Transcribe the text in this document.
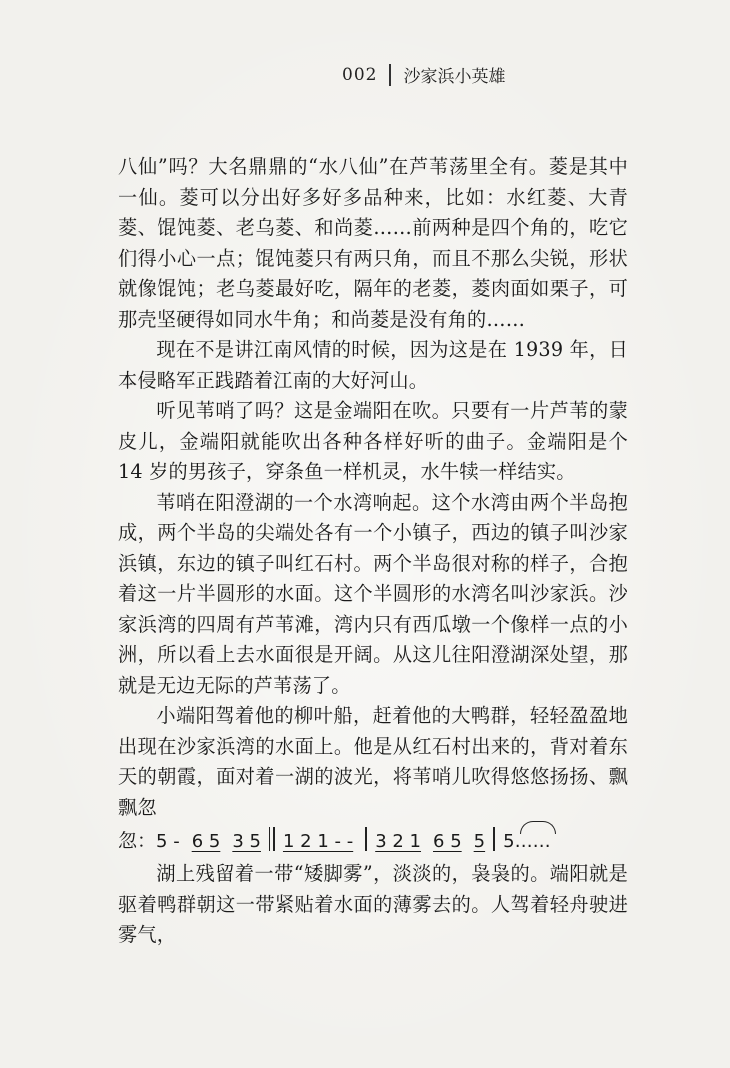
002 沙家浜小英雄

八仙”吗？大名鼎鼎的“水八仙”在芦苇荡里全有。菱是其中一仙。菱可以分出好多好多品种来，比如：水红菱、大青菱、馄饨菱、老乌菱、和尚菱……前两种是四个角的，吃它们得小心一点；馄饨菱只有两只角，而且不那么尖锐，形状就像馄饨；老乌菱最好吃，隔年的老菱，菱肉面如栗子，可那壳坚硬得如同水牛角；和尚菱是没有角的……

现在不是讲江南风情的时候，因为这是在 1939 年，日本侵略军正践踏着江南的大好河山。

听见苇哨了吗？这是金端阳在吹。只要有一片芦苇的蒙皮儿，金端阳就能吹出各种各样好听的曲子。金端阳是个 14 岁的男孩子，穿条鱼一样机灵，水牛犊一样结实。

苇哨在阳澄湖的一个水湾响起。这个水湾由两个半岛抱成，两个半岛的尖端处各有一个小镇子，西边的镇子叫沙家浜镇，东边的镇子叫红石村。两个半岛很对称的样子，合抱着这一片半圆形的水面。这个半圆形的水湾名叫沙家浜。沙家浜湾的四周有芦苇滩，湾内只有西瓜墩一个像样一点的小洲，所以看上去水面很是开阔。从这儿往阳澄湖深处望，那就是无边无际的芦苇荡了。

小端阳驾着他的柳叶船，赶着他的大鸭群，轻轻盈盈地出现在沙家浜湾的水面上。他是从红石村出来的，背对着东天的朝霞，面对着一湖的波光，将苇哨儿吹得悠悠扬扬、飘飘忽

忽： 5 - 6 5 3 5 1 2 1 - - 3 2 1 6 5 5 5 ……

湖上残留着一带“矮脚雾”，淡淡的，袅袅的。端阳就是驱着鸭群朝这一带紧贴着水面的薄雾去的。人驾着轻舟驶进雾气，
